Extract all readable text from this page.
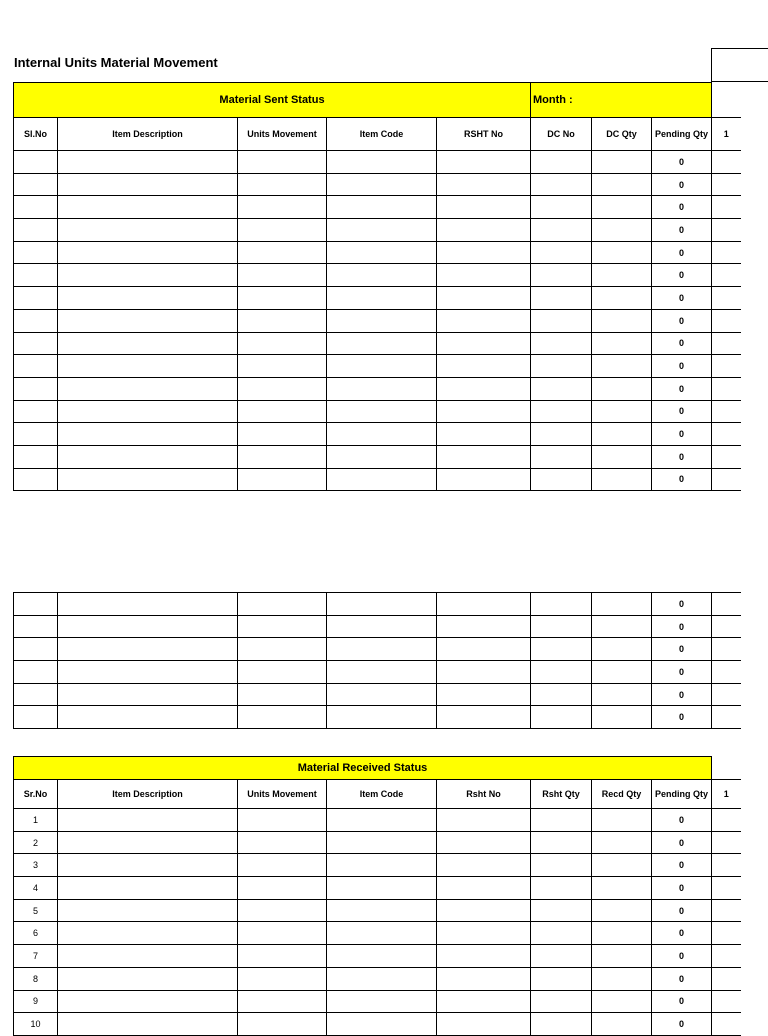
Internal Units Material Movement
Material Sent Status					Month :			
Sl.No	Item Description	Units Movement	Item Code	RSHT No	DC No	DC Qty	Pending Qty	1
							0	
							0	
							0	
							0	
							0	
							0	
							0	
							0	
							0	
							0	
							0	
							0	
							0	
							0	
							0	
							0	
							0	
							0	
							0	
							0	
							0	
Material Received Status								
Sr.No	Item Description	Units Movement	Item Code	Rsht No	Rsht Qty	Recd Qty	Pending Qty	1
1							0	
2							0	
3							0	
4							0	
5							0	
6							0	
7							0	
8							0	
9							0	
10							0	
